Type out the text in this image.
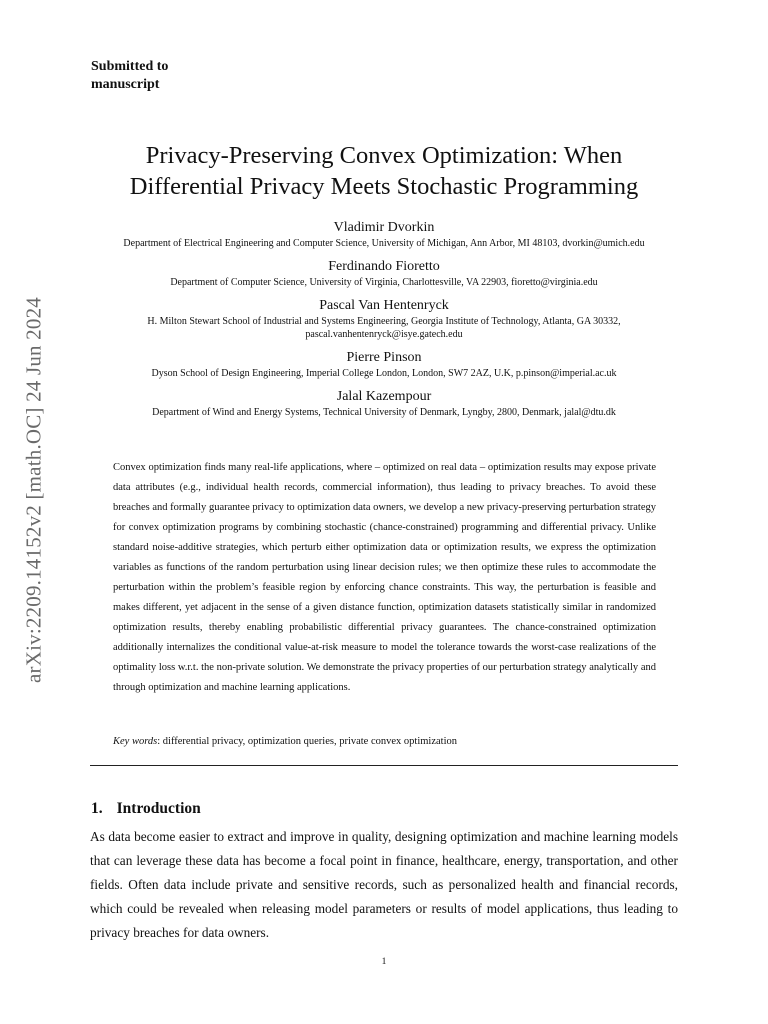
arXiv:2209.14152v2 [math.OC] 24 Jun 2024
Submitted to
manuscript
Privacy-Preserving Convex Optimization: When
Differential Privacy Meets Stochastic Programming
Vladimir Dvorkin
Department of Electrical Engineering and Computer Science, University of Michigan, Ann Arbor, MI 48103, dvorkin@umich.edu
Ferdinando Fioretto
Department of Computer Science, University of Virginia, Charlottesville, VA 22903, fioretto@virginia.edu
Pascal Van Hentenryck
H. Milton Stewart School of Industrial and Systems Engineering, Georgia Institute of Technology, Atlanta, GA 30332, pascal.vanhentenryck@isye.gatech.edu
Pierre Pinson
Dyson School of Design Engineering, Imperial College London, London, SW7 2AZ, U.K, p.pinson@imperial.ac.uk
Jalal Kazempour
Department of Wind and Energy Systems, Technical University of Denmark, Lyngby, 2800, Denmark, jalal@dtu.dk

Convex optimization finds many real-life applications, where – optimized on real data – optimization results may expose private data attributes (e.g., individual health records, commercial information), thus leading to privacy breaches. To avoid these breaches and formally guarantee privacy to optimization data owners, we develop a new privacy-preserving perturbation strategy for convex optimization programs by combining stochastic (chance-constrained) programming and differential privacy. Unlike standard noise-additive strategies, which perturb either optimization data or optimization results, we express the optimization variables as functions of the random perturbation using linear decision rules; we then optimize these rules to accommodate the perturbation within the problem’s feasible region by enforcing chance constraints. This way, the perturbation is feasible and makes different, yet adjacent in the sense of a given distance function, optimization datasets statistically similar in randomized optimization results, thereby enabling probabilistic differential privacy guarantees. The chance-constrained optimization additionally internalizes the conditional value-at-risk measure to model the tolerance towards the worst-case realizations of the optimality loss w.r.t. the non-private solution. We demonstrate the privacy properties of our perturbation strategy analytically and through optimization and machine learning applications.

Key words: differential privacy, optimization queries, private convex optimization
1. Introduction

As data become easier to extract and improve in quality, designing optimization and machine learning models that can leverage these data has become a focal point in finance, healthcare, energy, transportation, and other fields. Often data include private and sensitive records, such as personalized health and financial records, which could be revealed when releasing model parameters or results of model applications, thus leading to privacy breaches for data owners.

1
